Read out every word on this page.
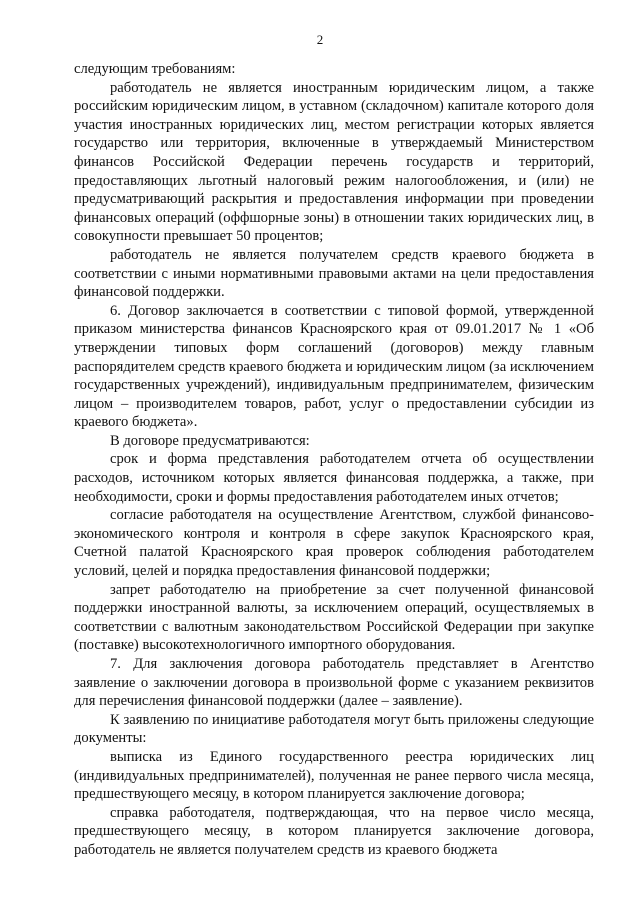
2

следующим требованиям:

работодатель не является иностранным юридическим лицом, а также российским юридическим лицом, в уставном (складочном) капитале которого доля участия иностранных юридических лиц, местом регистрации которых является государство или территория, включенные в утверждаемый Министерством финансов Российской Федерации перечень государств и территорий, предоставляющих льготный налоговый режим налогообложения, и (или) не предусматривающий раскрытия и предоставления информации при проведении финансовых операций (оффшорные зоны) в отношении таких юридических лиц, в совокупности превышает 50 процентов;

работодатель не является получателем средств краевого бюджета в соответствии с иными нормативными правовыми актами на цели предоставления финансовой поддержки.

6. Договор заключается в соответствии с типовой формой, утвержденной приказом министерства финансов Красноярского края от 09.01.2017 № 1 «Об утверждении типовых форм соглашений (договоров) между главным распорядителем средств краевого бюджета и юридическим лицом (за исключением государственных учреждений), индивидуальным предпринимателем, физическим лицом – производителем товаров, работ, услуг о предоставлении субсидии из краевого бюджета».

В договоре предусматриваются:

срок и форма представления работодателем отчета об осуществлении расходов, источником которых является финансовая поддержка, а также, при необходимости, сроки и формы предоставления работодателем иных отчетов;

согласие работодателя на осуществление Агентством, службой финансово-экономического контроля и контроля в сфере закупок Красноярского края, Счетной палатой Красноярского края проверок соблюдения работодателем условий, целей и порядка предоставления финансовой поддержки;

запрет работодателю на приобретение за счет полученной финансовой поддержки иностранной валюты, за исключением операций, осуществляемых в соответствии с валютным законодательством Российской Федерации при закупке (поставке) высокотехнологичного импортного оборудования.

7. Для заключения договора работодатель представляет в Агентство заявление о заключении договора в произвольной форме с указанием реквизитов для перечисления финансовой поддержки (далее – заявление).

К заявлению по инициативе работодателя могут быть приложены следующие документы:

выписка из Единого государственного реестра юридических лиц (индивидуальных предпринимателей), полученная не ранее первого числа месяца, предшествующего месяцу, в котором планируется заключение договора;

справка работодателя, подтверждающая, что на первое число месяца, предшествующего месяцу, в котором планируется заключение договора, работодатель не является получателем средств из краевого бюджета
